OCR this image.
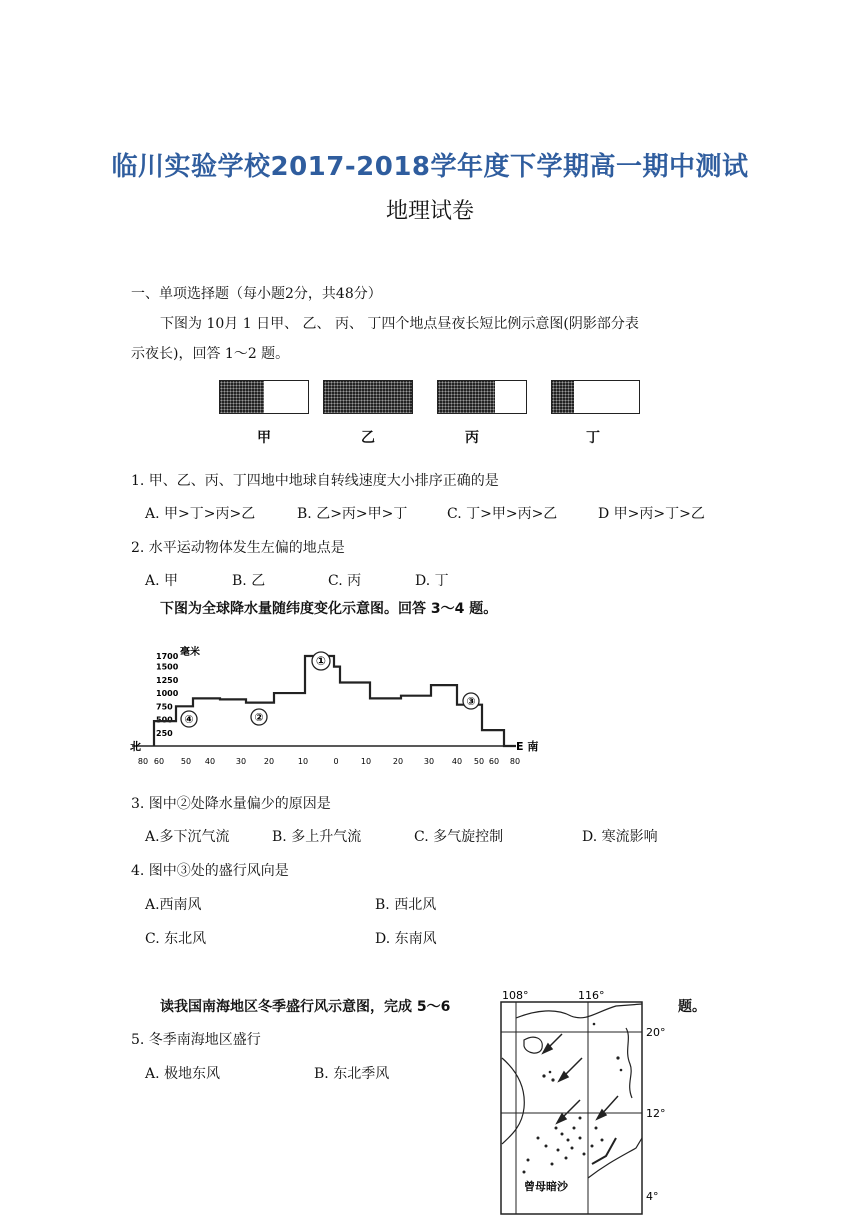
临川实验学校2017-2018学年度下学期高一期中测试
地理试卷
一、单项选择题（每小题2分，共48分）
下图为 10月 1 日甲、 乙、 丙、 丁四个地点昼夜长短比例示意图(阴影部分表
示夜长)，回答 1～2 题。
甲	乙	丙	丁
1. 甲、乙、丙、丁四地中地球自转线速度大小排序正确的是
A. 甲>丁>丙>乙	B. 乙>丙>甲>丁	C. 丁>甲>丙>乙	D 甲>丙>丁>乙
2. 水平运动物体发生左偏的地点是
A. 甲	B. 乙	C. 丙	D. 丁
下图为全球降水量随纬度变化示意图。回答 3～4 题。
1700
1500
1250
1000
750
500
250
毫米
80 60 50 40	30 20	10	0	10	20	30 40 50 60 80
北	E 南
①
②
③
④
3. 图中②处降水量偏少的原因是
A.多下沉气流	B. 多上升气流	C. 多气旋控制	D. 寒流影响
4. 图中③处的盛行风向是
A.西南风	B. 西北风
C. 东北风	D. 东南风
读我国南海地区冬季盛行风示意图，完成 5～6	题。
5. 冬季南海地区盛行
A. 极地东风	B. 东北季风
108°	116°
20°
12°
4°
曾母暗沙
